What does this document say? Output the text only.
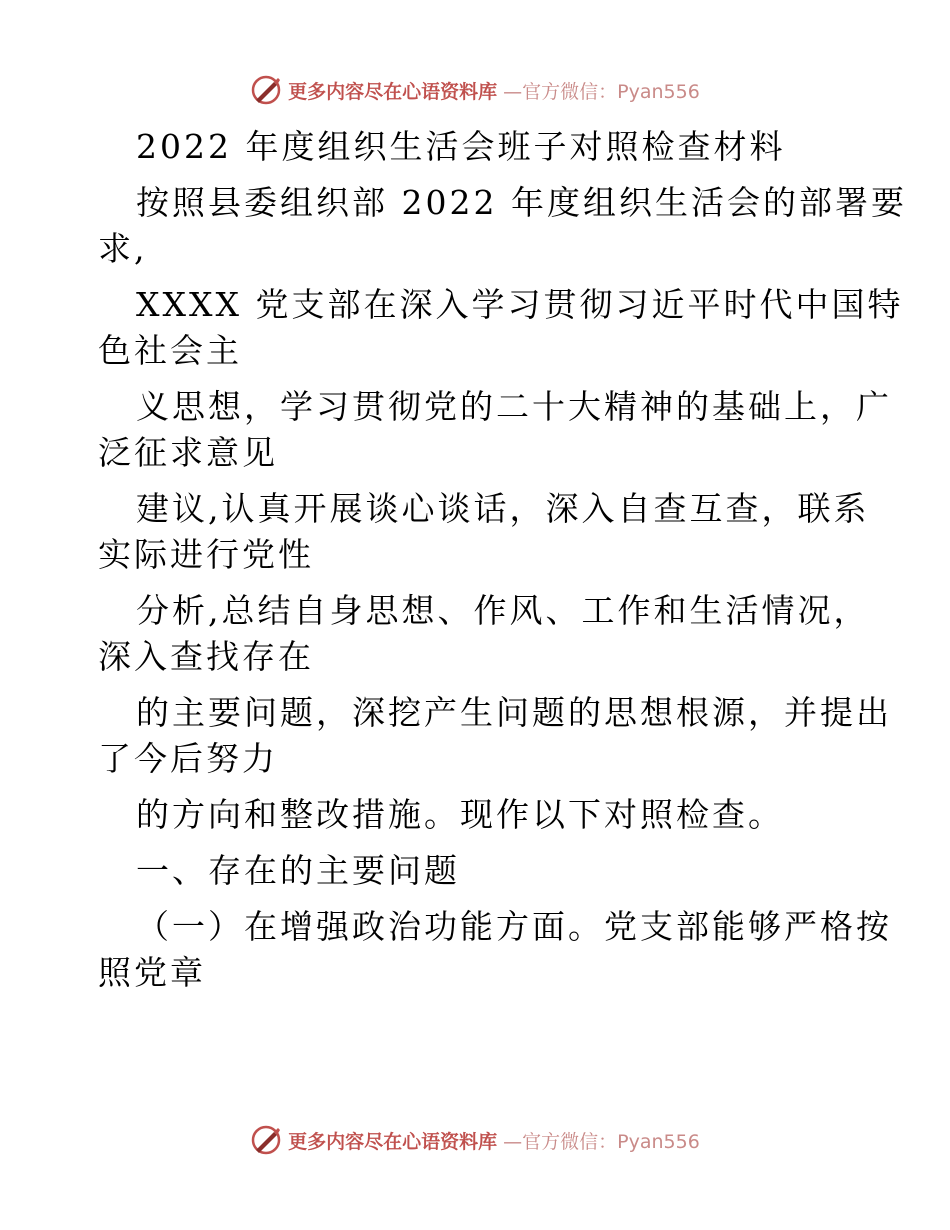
更多内容尽在心语资料库 —官方微信：Pyan556

2022 年度组织生活会班子对照检查材料

按照县委组织部 2022 年度组织生活会的部署要

求,

XXXX 党支部在深入学习贯彻习近平时代中国特

色社会主

义思想，学习贯彻党的二十大精神的基础上，广

泛征求意见

建议,认真开展谈心谈话，深入自查互查，联系

实际进行党性

分析,总结自身思想、作风、工作和生活情况，

深入查找存在

的主要问题，深挖产生问题的思想根源，并提出

了今后努力

的方向和整改措施。现作以下对照检查。

一、存在的主要问题

（一）在增强政治功能方面。党支部能够严格按

照党章

更多内容尽在心语资料库 —官方微信：Pyan556
